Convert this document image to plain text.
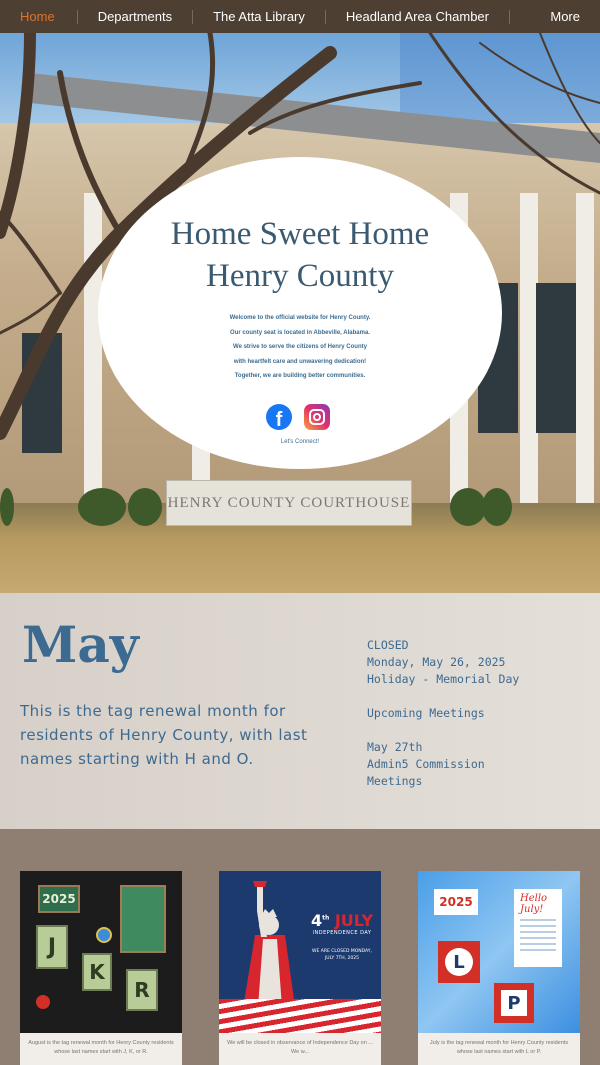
Home	Departments	The Atta Library	Headland Area Chamber	More
HENRY COUNTY COURTHOUSE
Home Sweet Home
Henry County
Welcome to the official website for Henry County.
Our county seat is located in Abbeville, Alabama.
We strive to serve the citizens of Henry County
with heartfelt care and unwavering dedication!
Together, we are building better communities.
f
Let's Connect!
May
This is the tag renewal month for residents of Henry County, with last names starting with H and O.
CLOSED
Monday, May 26, 2025
Holiday - Memorial Day
Upcoming Meetings
May 27th
Admin5 Commission
Meetings
2025
J
K
R
August is the tag renewal month for Henry County residents whose last names start with J, K, or R.
4th JULY
INDEPENDENCE DAY
WE ARE CLOSED MONDAY, JULY 7TH, 2025
We will be closed in observance of Independence Day on ... We w...
2025	Hello July!
L
P
July is the tag renewal month for Henry County residents whose last names start with L or P.
